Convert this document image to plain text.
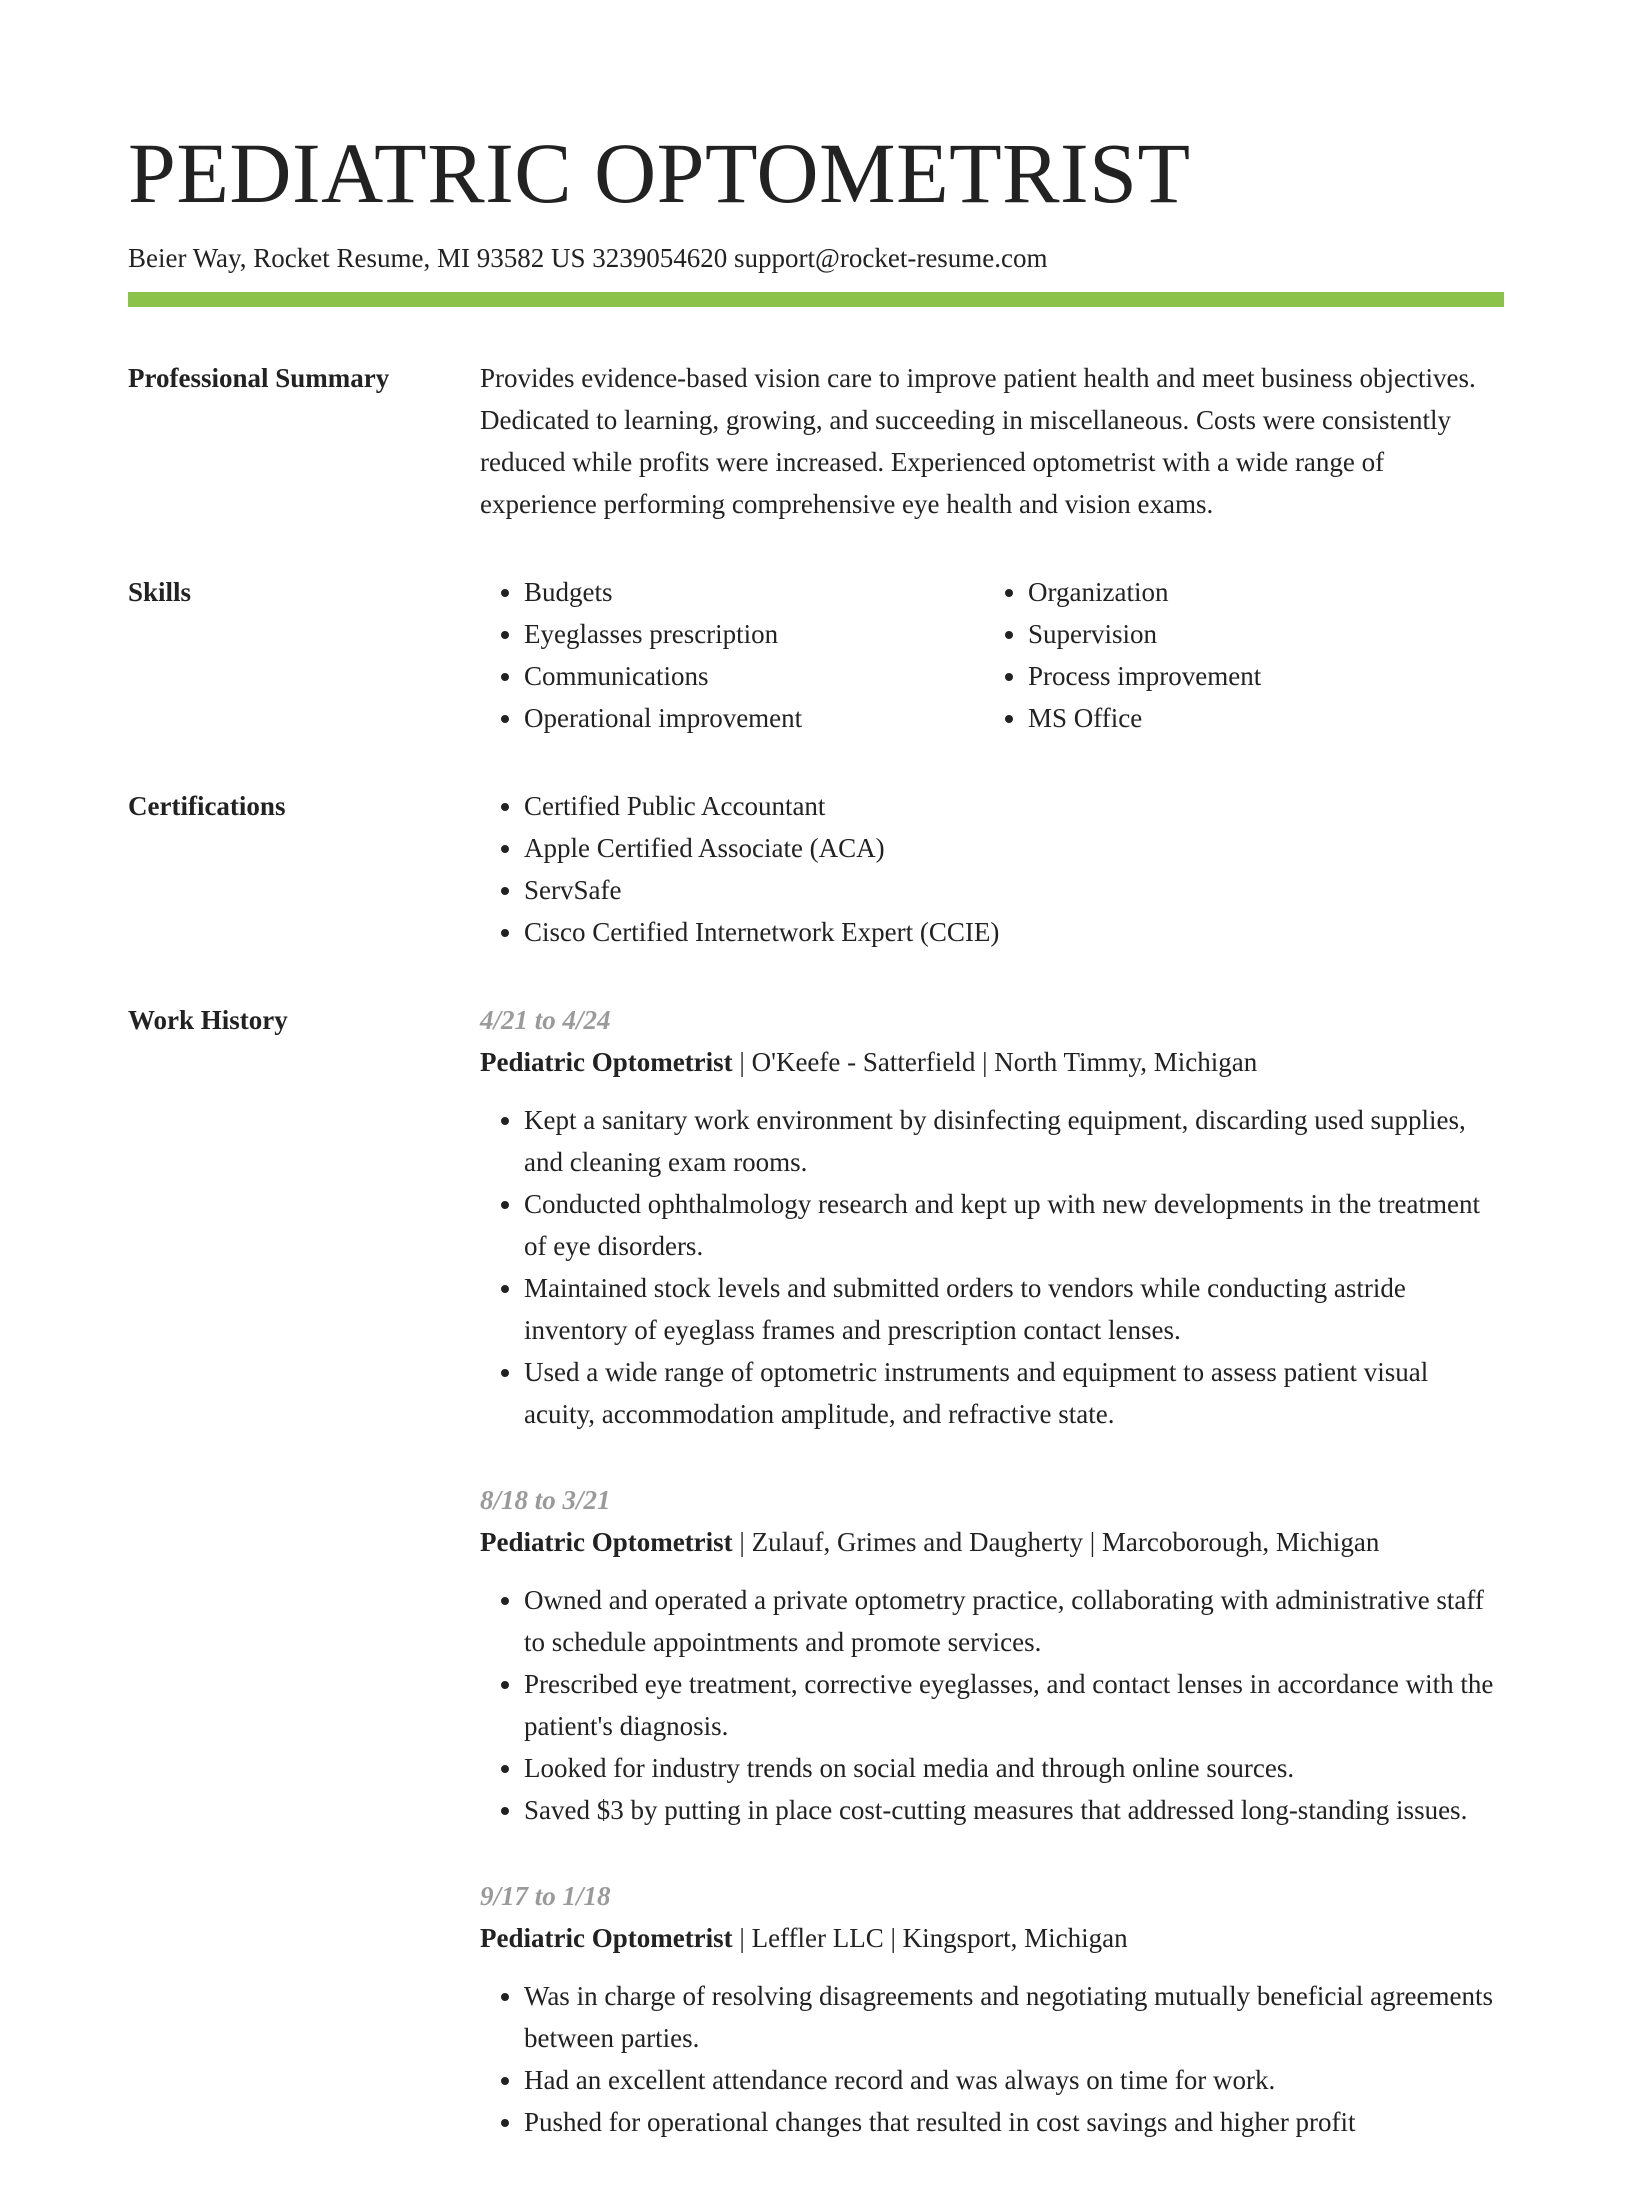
PEDIATRIC OPTOMETRIST
Beier Way, Rocket Resume, MI 93582 US 3239054620 support@rocket-resume.com
Professional Summary	Provides evidence-based vision care to improve patient health and meet business objectives. Dedicated to learning, growing, and succeeding in miscellaneous. Costs were consistently reduced while profits were increased. Experienced optometrist with a wide range of experience performing comprehensive eye health and vision exams.

Skills	• Budgets
• Eyeglasses prescription
• Communications
• Operational improvement
• Organization
• Supervision
• Process improvement
• MS Office
Certifications	• Certified Public Accountant
• Apple Certified Associate (ACA)
• ServSafe
• Cisco Certified Internetwork Expert (CCIE)
Work History	4/21 to 4/24
Pediatric Optometrist | O'Keefe - Satterfield | North Timmy, Michigan
• Kept a sanitary work environment by disinfecting equipment, discarding used supplies, and cleaning exam rooms.
• Conducted ophthalmology research and kept up with new developments in the treatment of eye disorders.
• Maintained stock levels and submitted orders to vendors while conducting astride inventory of eyeglass frames and prescription contact lenses.
• Used a wide range of optometric instruments and equipment to assess patient visual acuity, accommodation amplitude, and refractive state.
8/18 to 3/21
Pediatric Optometrist | Zulauf, Grimes and Daugherty | Marcoborough, Michigan
• Owned and operated a private optometry practice, collaborating with administrative staff to schedule appointments and promote services.
• Prescribed eye treatment, corrective eyeglasses, and contact lenses in accordance with the patient's diagnosis.
• Looked for industry trends on social media and through online sources.
• Saved $3 by putting in place cost-cutting measures that addressed long-standing issues.
9/17 to 1/18
Pediatric Optometrist | Leffler LLC | Kingsport, Michigan
• Was in charge of resolving disagreements and negotiating mutually beneficial agreements between parties.
• Had an excellent attendance record and was always on time for work.
• Pushed for operational changes that resulted in cost savings and higher profit
